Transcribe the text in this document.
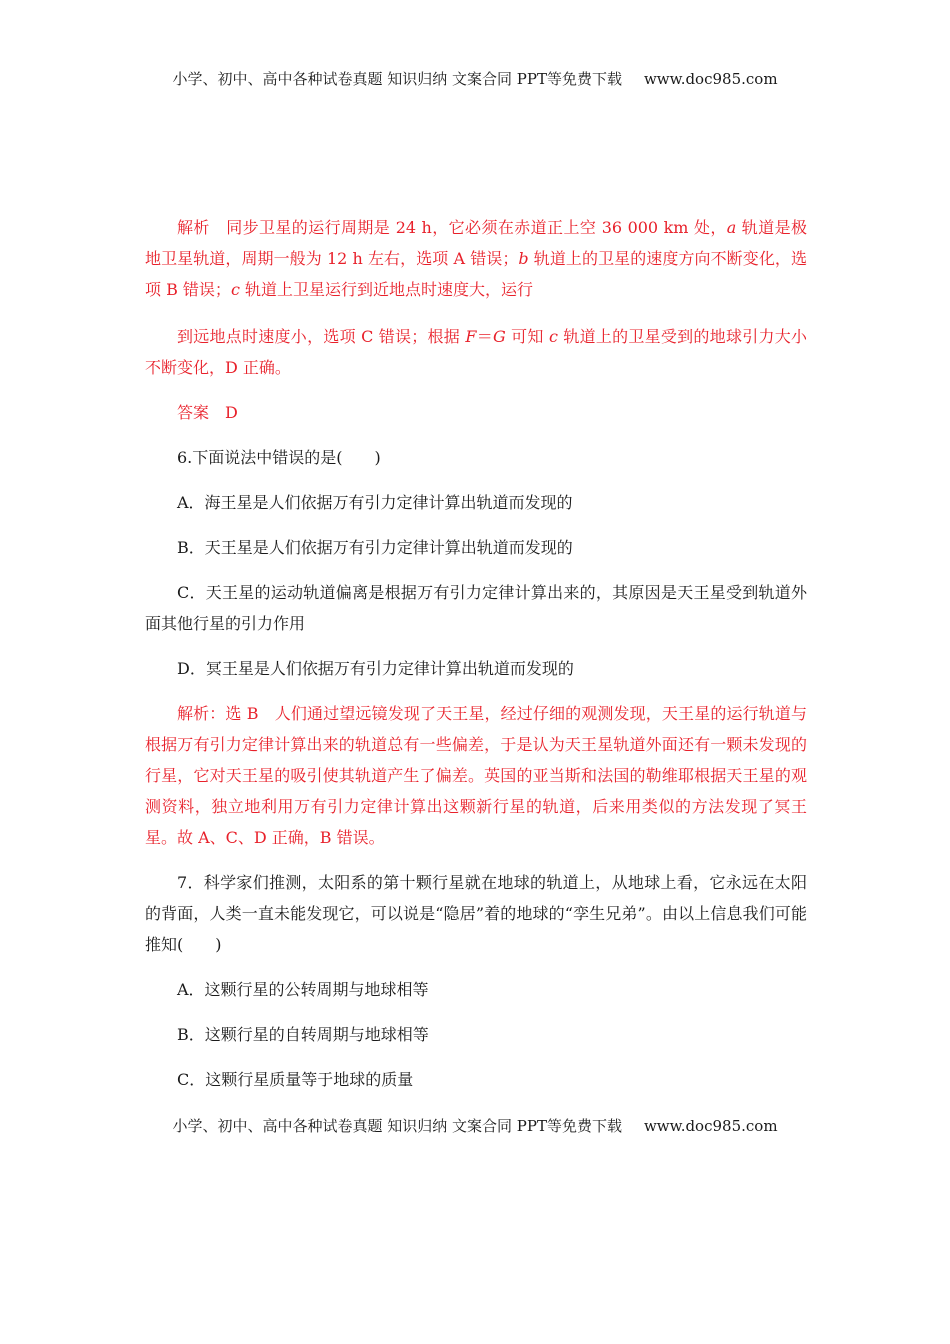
小学、初中、高中各种试卷真题 知识归纳 文案合同 PPT等免费下载 www.doc985.com

解析　同步卫星的运行周期是 24 h，它必须在赤道正上空 36 000 km 处，a 轨道是极地卫星轨道，周期一般为 12 h 左右，选项 A 错误；b 轨道上的卫星的速度方向不断变化，选项 B 错误；c 轨道上卫星运行到近地点时速度大，运行

到远地点时速度小，选项 C 错误；根据 F＝G 可知 c 轨道上的卫星受到的地球引力大小不断变化，D 正确。

答案　D

6.下面说法中错误的是(　　)

A．海王星是人们依据万有引力定律计算出轨道而发现的

B．天王星是人们依据万有引力定律计算出轨道而发现的

C．天王星的运动轨道偏离是根据万有引力定律计算出来的，其原因是天王星受到轨道外面其他行星的引力作用

D．冥王星是人们依据万有引力定律计算出轨道而发现的

解析：选 B　人们通过望远镜发现了天王星，经过仔细的观测发现，天王星的运行轨道与根据万有引力定律计算出来的轨道总有一些偏差，于是认为天王星轨道外面还有一颗未发现的行星，它对天王星的吸引使其轨道产生了偏差。英国的亚当斯和法国的勒维耶根据天王星的观测资料，独立地利用万有引力定律计算出这颗新行星的轨道，后来用类似的方法发现了冥王星。故 A、C、D 正确，B 错误。

7．科学家们推测，太阳系的第十颗行星就在地球的轨道上，从地球上看，它永远在太阳的背面，人类一直未能发现它，可以说是“隐居”着的地球的“孪生兄弟”。由以上信息我们可能推知(　　)

A．这颗行星的公转周期与地球相等

B．这颗行星的自转周期与地球相等

C．这颗行星质量等于地球的质量

小学、初中、高中各种试卷真题 知识归纳 文案合同 PPT等免费下载 www.doc985.com
